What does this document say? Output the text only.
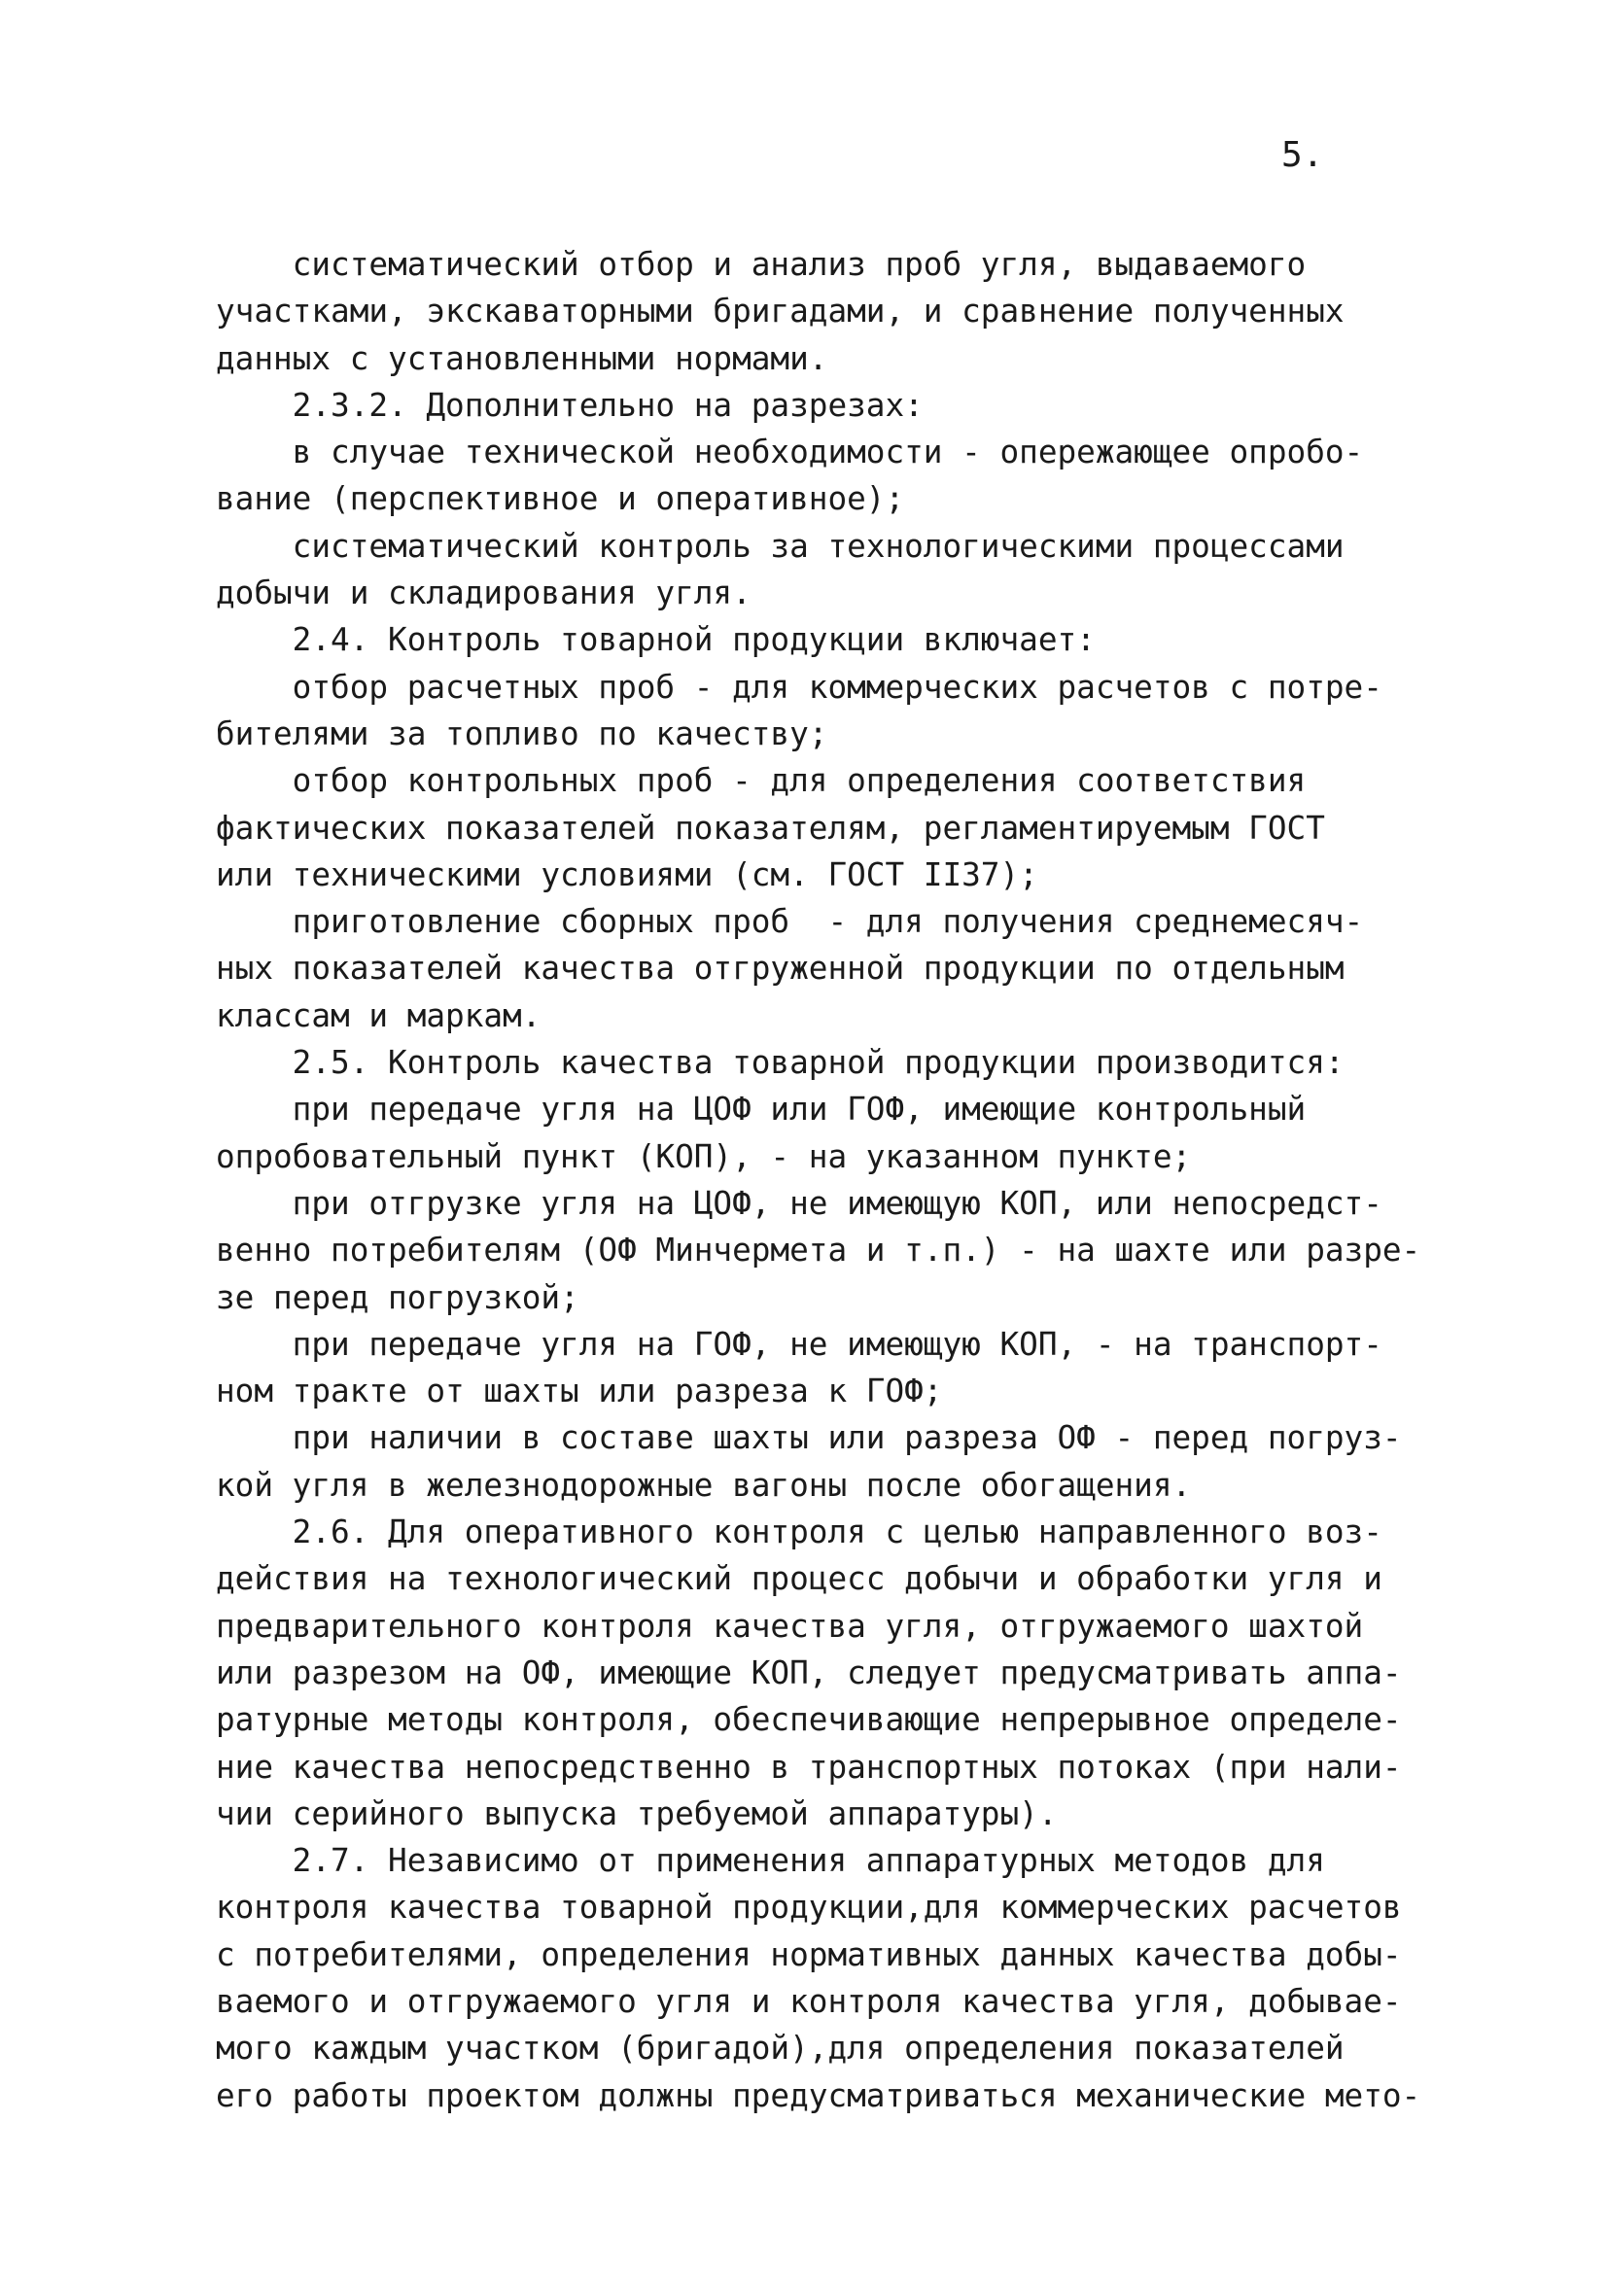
5.
систематический отбор и анализ проб угля, выдаваемого
участками, экскаваторными бригадами, и сравнение полученных
данных с установленными нормами.
2.3.2. Дополнительно на разрезах:
в случае технической необходимости - опережающее опробо-
вание (перспективное и оперативное);
систематический контроль за технологическими процессами
добычи и складирования угля.
2.4. Контроль товарной продукции включает:
отбор расчетных проб - для коммерческих расчетов с потре-
бителями за топливо по качеству;
отбор контрольных проб - для определения соответствия
фактических показателей показателям, регламентируемым ГОСТ
или техническими условиями (см. ГОСТ II37);
приготовление сборных проб  - для получения среднемесяч-
ных показателей качества отгруженной продукции по отдельным
классам и маркам.
2.5. Контроль качества товарной продукции производится:
при передаче угля на ЦОФ или ГОФ, имеющие контрольный
опробовательный пункт (КОП), - на указанном пункте;
при отгрузке угля на ЦОФ, не имеющую КОП, или непосредст-
венно потребителям (ОФ Минчермета и т.п.) - на шахте или разре-
зе перед погрузкой;
при передаче угля на ГОФ, не имеющую КОП, - на транспорт-
ном тракте от шахты или разреза к ГОФ;
при наличии в составе шахты или разреза ОФ - перед погруз-
кой угля в железнодорожные вагоны после обогащения.
2.6. Для оперативного контроля с целью направленного воз-
действия на технологический процесс добычи и обработки угля и
предварительного контроля качества угля, отгружаемого шахтой
или разрезом на ОФ, имеющие КОП, следует предусматривать аппа-
ратурные методы контроля, обеспечивающие непрерывное определе-
ние качества непосредственно в транспортных потоках (при нали-
чии серийного выпуска требуемой аппаратуры).
2.7. Независимо от применения аппаратурных методов для
контроля качества товарной продукции,для коммерческих расчетов
с потребителями, определения нормативных данных качества добы-
ваемого и отгружаемого угля и контроля качества угля, добывае-
мого каждым участком (бригадой),для определения показателей
его работы проектом должны предусматриваться механические мето-
